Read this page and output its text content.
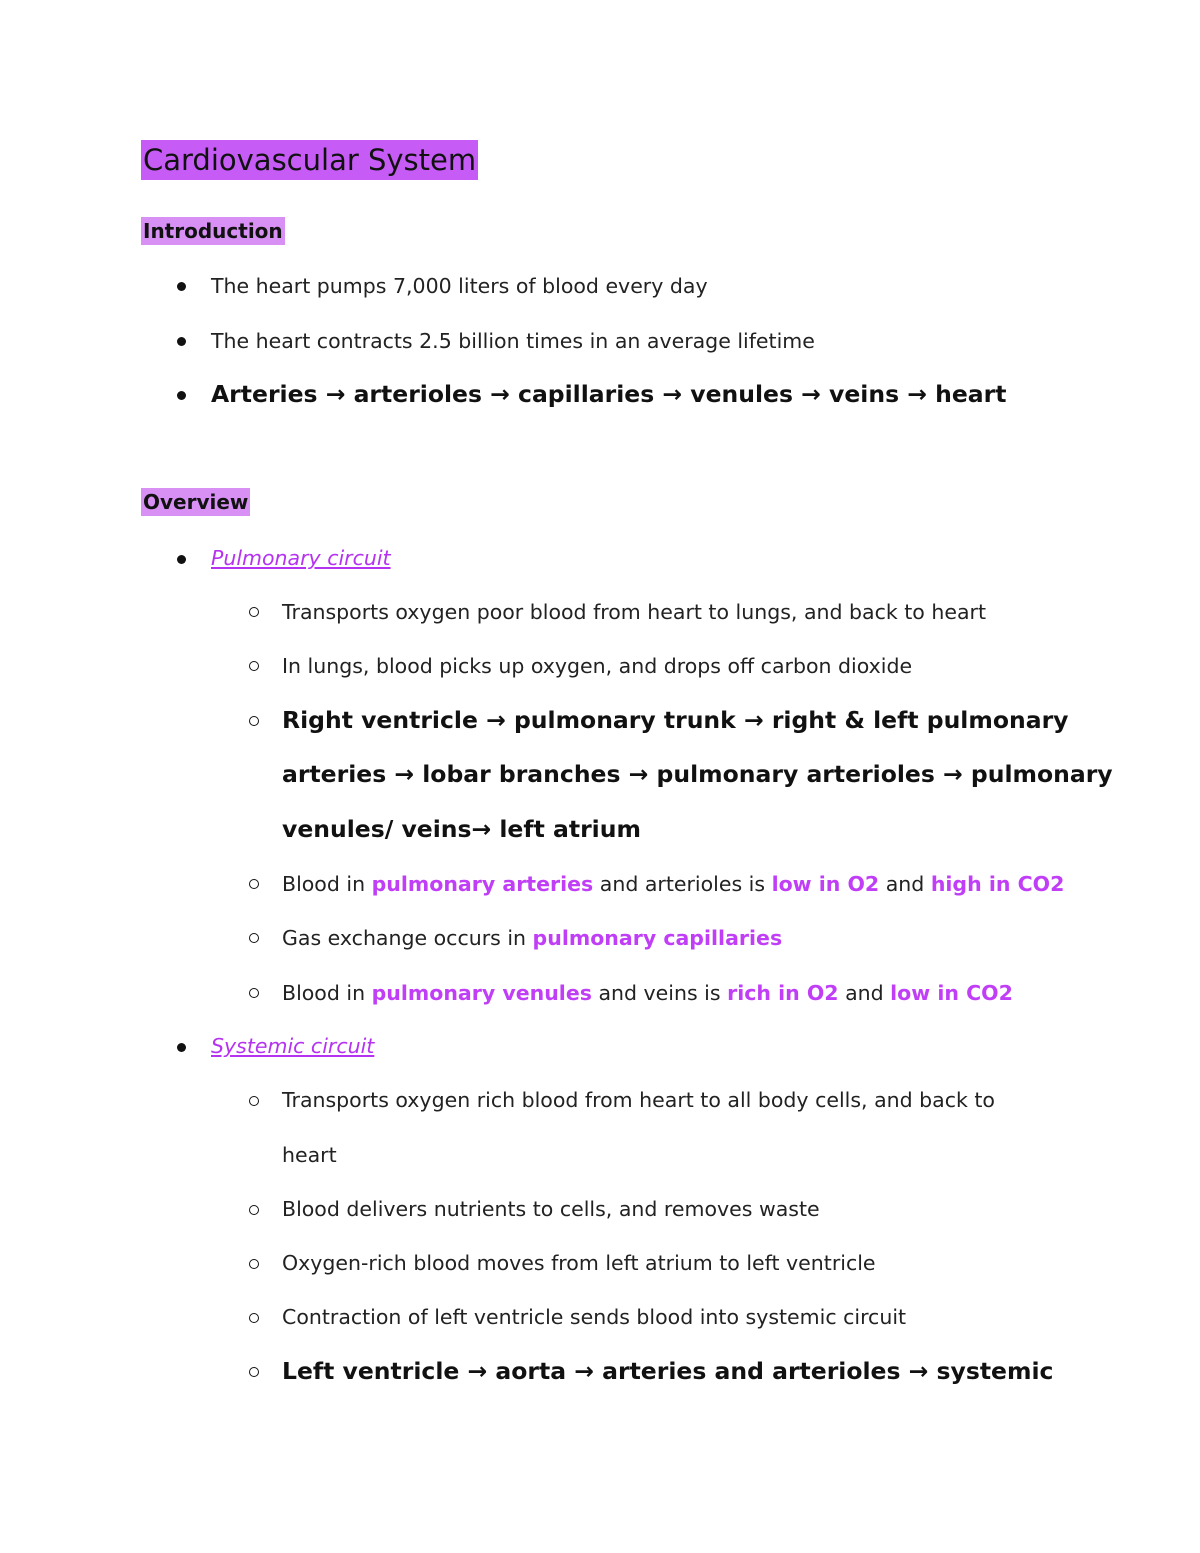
Cardiovascular System
Introduction
The heart pumps 7,000 liters of blood every day
The heart contracts 2.5 billion times in an average lifetime
Arteries → arterioles → capillaries → venules → veins → heart
Overview
Pulmonary circuit
Transports oxygen poor blood from heart to lungs, and back to heart
In lungs, blood picks up oxygen, and drops off carbon dioxide
Right ventricle → pulmonary trunk → right & left pulmonary
arteries → lobar branches → pulmonary arterioles → pulmonary
venules/ veins→ left atrium
Blood in pulmonary arteries and arterioles is low in O2 and high in CO2
Gas exchange occurs in pulmonary capillaries
Blood in pulmonary venules and veins is rich in O2 and low in CO2
Systemic circuit
Transports oxygen rich blood from heart to all body cells, and back to
heart
Blood delivers nutrients to cells, and removes waste
Oxygen-rich blood moves from left atrium to left ventricle
Contraction of left ventricle sends blood into systemic circuit
Left ventricle → aorta → arteries and arterioles → systemic
